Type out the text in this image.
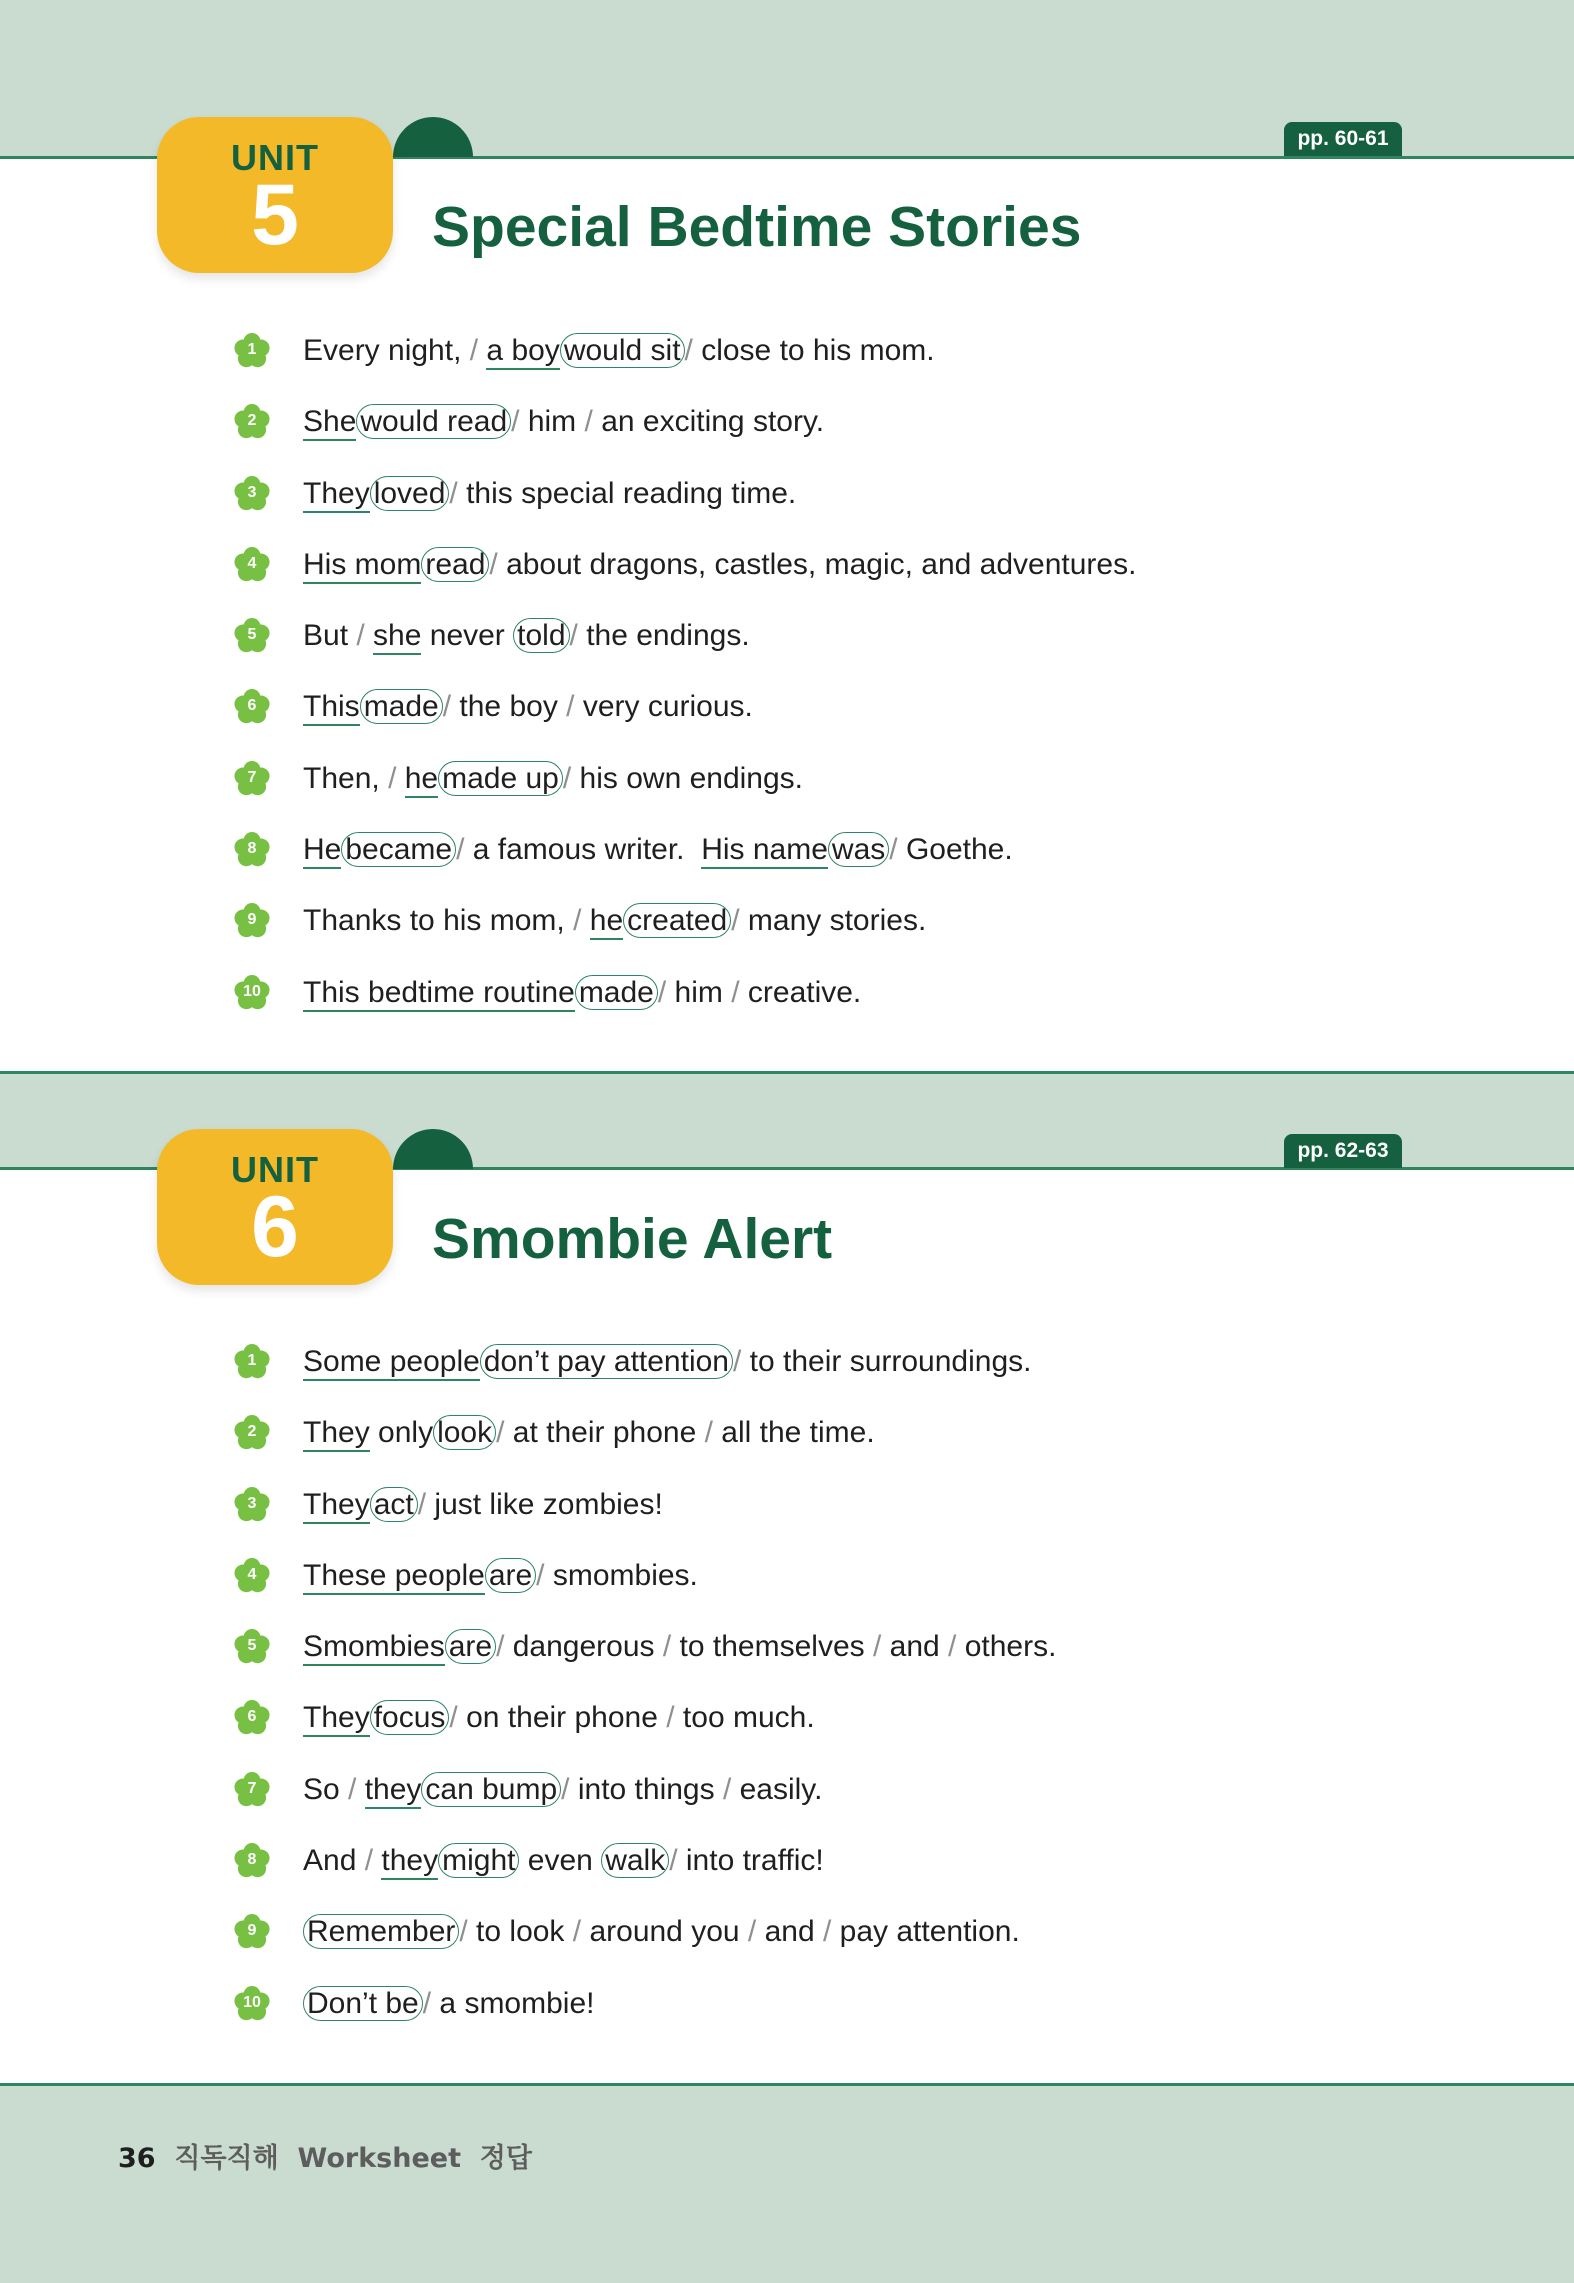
UNIT
5	Special Bedtime Stories
pp. 60-61
1	Every night, / a boy would sit / close to his mom.
2	She would read / him / an exciting story.
3	They loved / this special reading time.
4	His mom read / about dragons, castles, magic, and adventures.
5	But / she never told / the endings.
6	This made / the boy / very curious.
7	Then, / he made up / his own endings.
8	He became / a famous writer.  His name was / Goethe.
9	Thanks to his mom, / he created / many stories.
10	This bedtime routine made / him / creative.
UNIT
6	Smombie Alert
pp. 62-63
1	Some people don’t pay attention / to their surroundings.
2	They only look / at their phone / all the time.
3	They act / just like zombies!
4	These people are / smombies.
5	Smombies are / dangerous / to themselves / and / others.
6	They focus / on their phone / too much.
7	So / they can bump / into things / easily.
8	And / they might even walk / into traffic!
9	Remember / to look / around you / and / pay attention.
10	Don’t be / a smombie!
36 직독직해  Worksheet  정답
